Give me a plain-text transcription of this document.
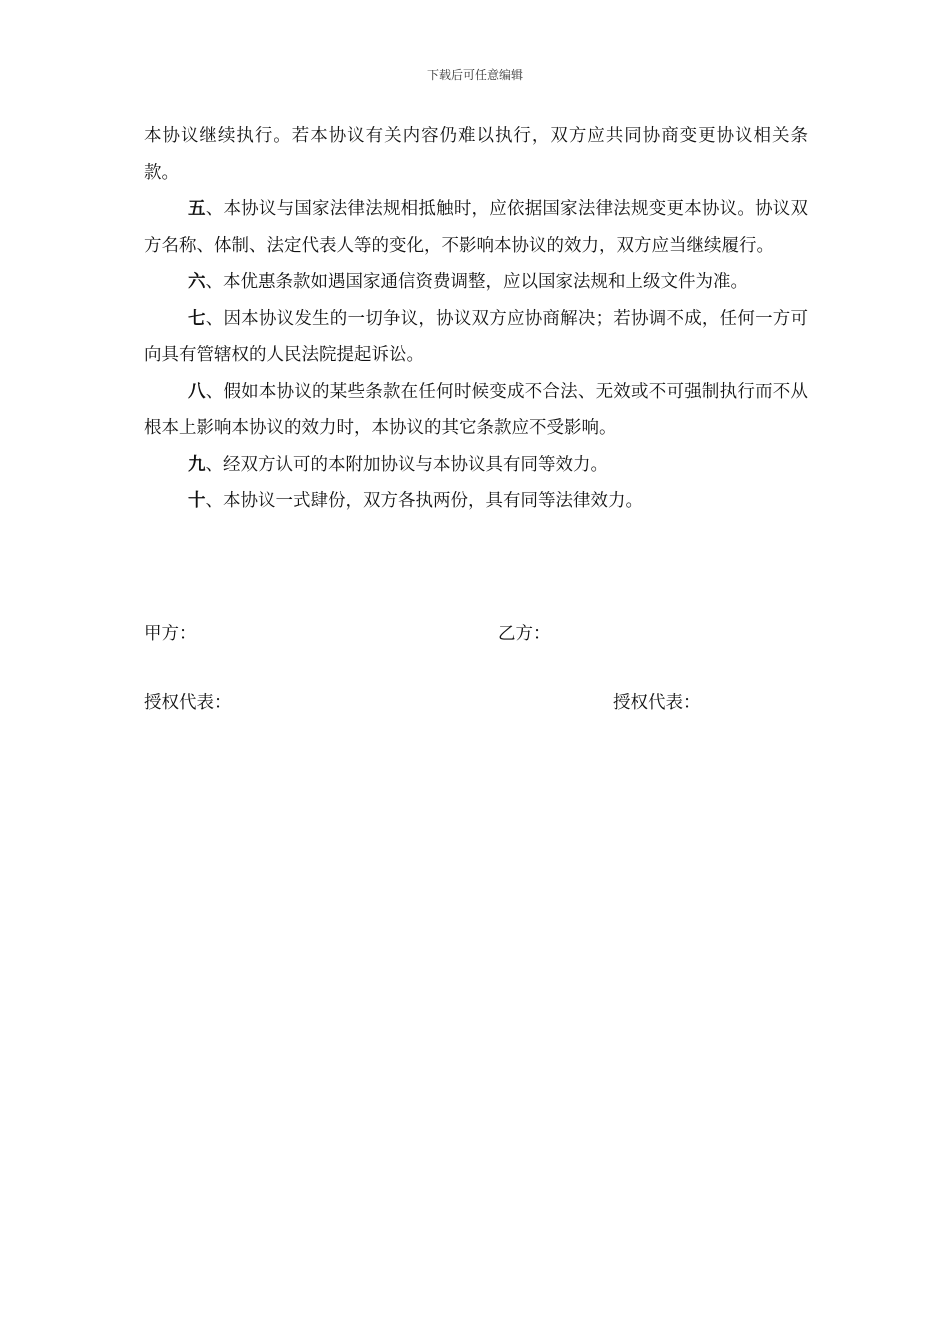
下载后可任意编辑

本协议继续执行。若本协议有关内容仍难以执行，双方应共同协商变更协议相关条款。

五、本协议与国家法律法规相抵触时，应依据国家法律法规变更本协议。协议双方名称、体制、法定代表人等的变化，不影响本协议的效力，双方应当继续履行。

六、本优惠条款如遇国家通信资费调整，应以国家法规和上级文件为准。

七、因本协议发生的一切争议，协议双方应协商解决；若协调不成，任何一方可向具有管辖权的人民法院提起诉讼。

八、假如本协议的某些条款在任何时候变成不合法、无效或不可强制执行而不从根本上影响本协议的效力时，本协议的其它条款应不受影响。

九、经双方认可的本附加协议与本协议具有同等效力。

十、本协议一式肆份，双方各执两份，具有同等法律效力。

甲方：	乙方：
授权代表：	授权代表：
